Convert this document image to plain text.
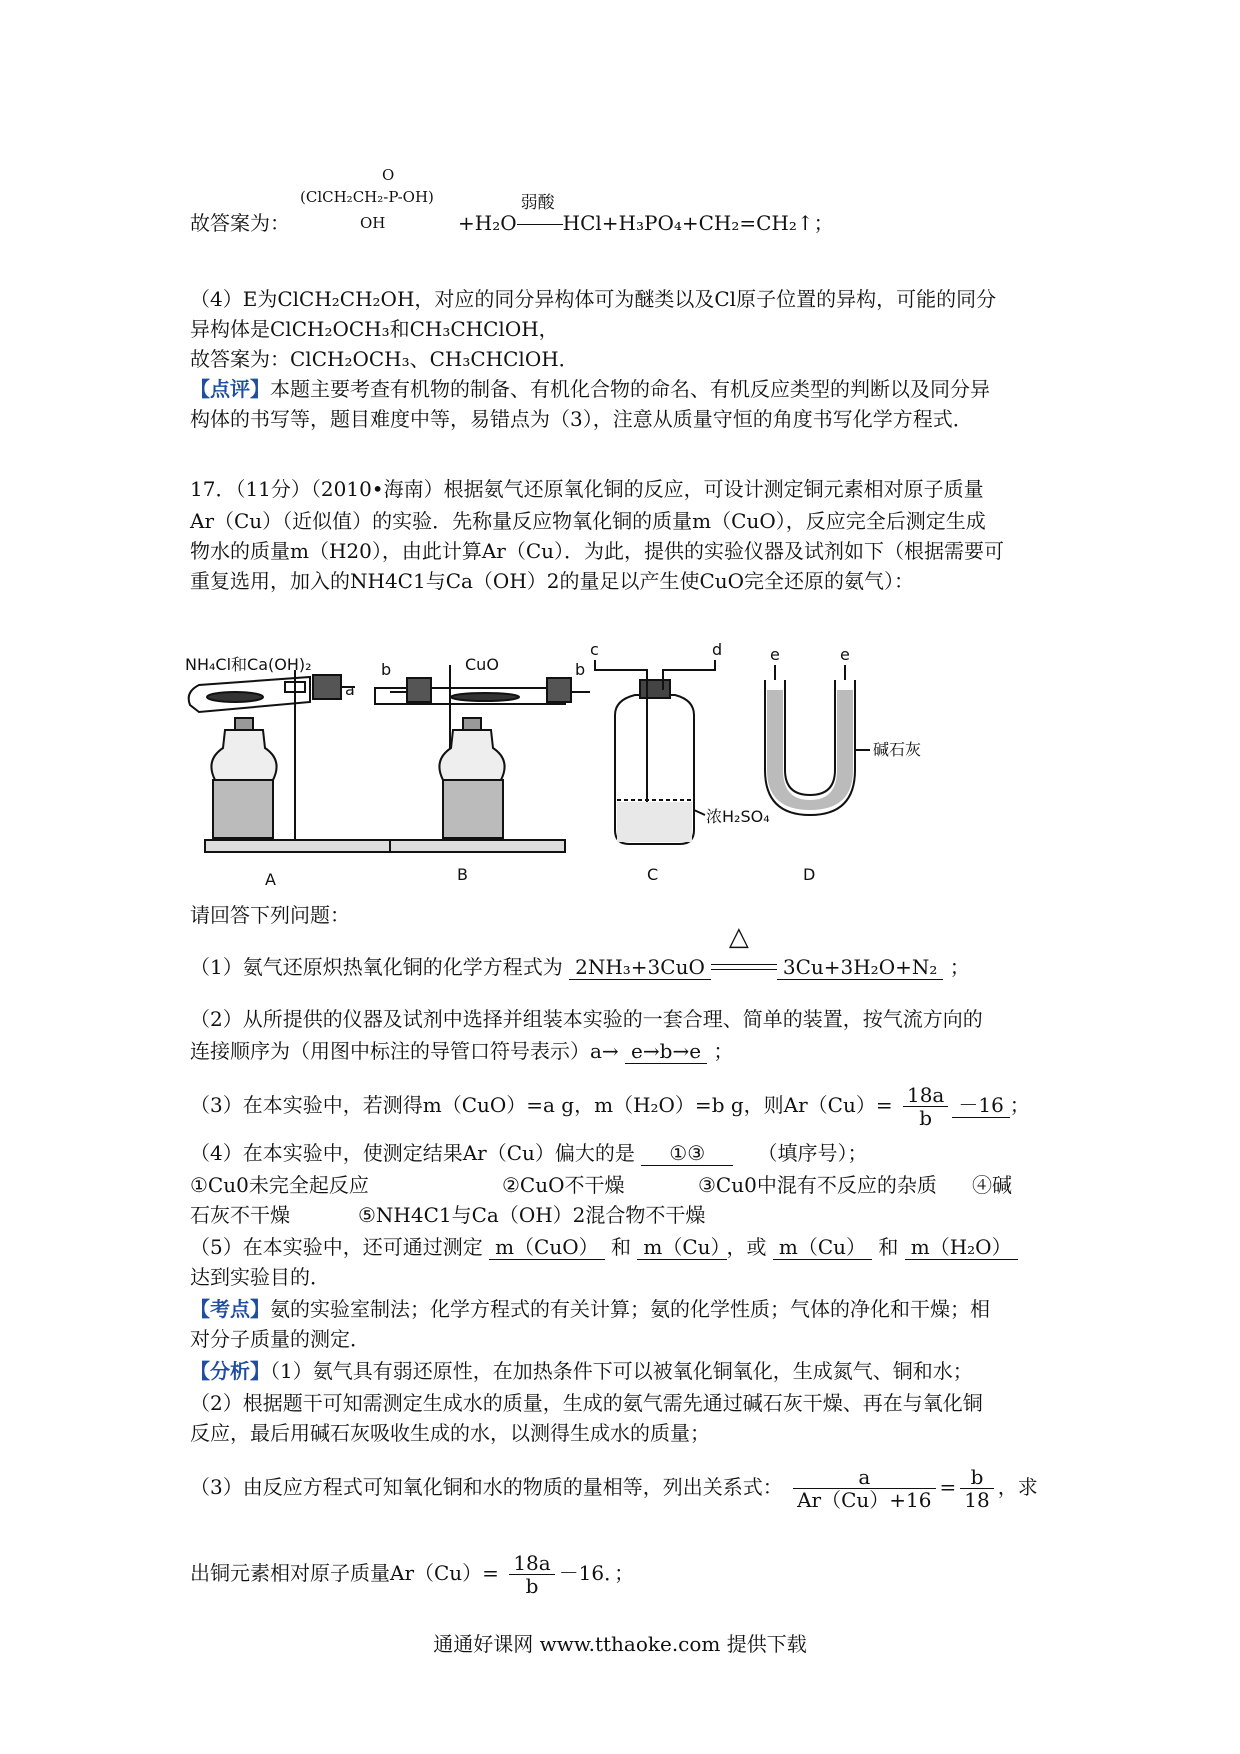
O
(ClCH₂CH₂-P-OH)
OH
故答案为：	+H₂O
弱酸
HCl+H₃PO₄+CH₂=CH₂↑；
（4）E为ClCH₂CH₂OH，对应的同分异构体可为醚类以及Cl原子位置的异构，可能的同分
异构体是ClCH₂OCH₃和CH₃CHClOH，
故答案为：ClCH₂OCH₃、CH₃CHClOH．
【点评】本题主要考查有机物的制备、有机化合物的命名、有机反应类型的判断以及同分异
构体的书写等，题目难度中等，易错点为（3），注意从质量守恒的角度书写化学方程式．
17．（11分）（2010•海南）根据氨气还原氧化铜的反应，可设计测定铜元素相对原子质量
Ar（Cu）（近似值）的实验．先称量反应物氧化铜的质量m（CuO），反应完全后测定生成
物水的质量m（H20），由此计算Ar（Cu）．为此，提供的实验仪器及试剂如下（根据需要可
重复选用，加入的NH4C1与Ca（OH）2的量足以产生使CuO完全还原的氨气）：
NH₄Cl和Ca(OH)₂
a
b	b
CuO
c	d
浓H₂SO₄
e	e
碱石灰
A	B	C	D
请回答下列问题：
（1）氨气还原炽热氧化铜的化学方程式为 2NH₃+3CuO
△
3Cu+3H₂O+N₂ ；
（2）从所提供的仪器及试剂中选择并组装本实验的一套合理、简单的装置，按气流方向的
连接顺序为（用图中标注的导管口符号表示）a→ e→b→e ；
（3）在本实验中，若测得m（CuO）=a g，m（H₂O）=b g，则$Ar(Cu)= \frac{18a}{b} -16$ ；
（4）在本实验中，使测定结果Ar（Cu）偏大的是 ①③	（填序号）；
①Cu0未完全起反应	②CuO不干燥	③Cu0中混有不反应的杂质 ④碱
石灰不干燥	⑤NH4C1与Ca（OH）2混合物不干燥
（5）在本实验中，还可通过测定 m（CuO） 和 m（Cu） ，或 m（Cu） 和 m（H₂O）
达到实验目的．
【考点】氨的实验室制法；化学方程式的有关计算；氨的化学性质；气体的净化和干燥；相
对分子质量的测定．
【分析】（1）氨气具有弱还原性，在加热条件下可以被氧化铜氧化，生成氮气、铜和水；
（2）根据题干可知需测定生成水的质量，生成的氨气需先通过碱石灰干燥、再在与氧化铜
反应，最后用碱石灰吸收生成的水，以测得生成水的质量；
（3）由反应方程式可知氧化铜和水的物质的量相等，列出关系式： $\frac{a}{Ar(Cu)+16} = \frac{b}{18}$ ，求
出铜元素相对原子质量$Ar(Cu)= \frac{18a}{b} -16$．；
通通好课网 www.tthaoke.com 提供下载
